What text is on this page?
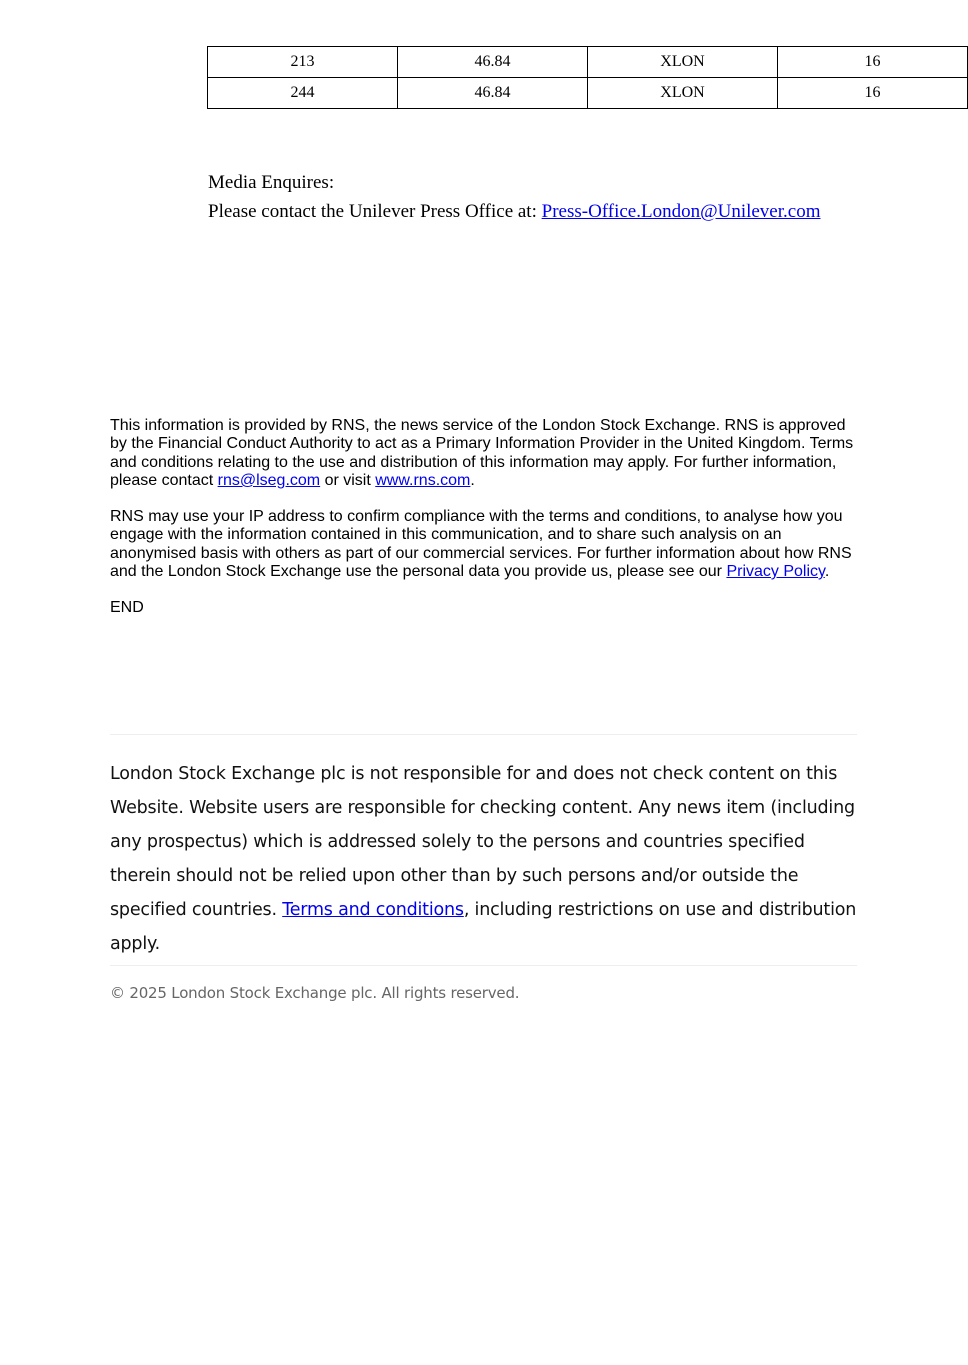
213	46.84	XLON	16
244	46.84	XLON	16

Media Enquires:

Please contact the Unilever Press Office at: Press-Office.London@Unilever.com

This information is provided by RNS, the news service of the London Stock Exchange. RNS is approved by the Financial Conduct Authority to act as a Primary Information Provider in the United Kingdom. Terms and conditions relating to the use and distribution of this information may apply. For further information, please contact rns@lseg.com or visit www.rns.com.

RNS may use your IP address to confirm compliance with the terms and conditions, to analyse how you engage with the information contained in this communication, and to share such analysis on an anonymised basis with others as part of our commercial services. For further information about how RNS and the London Stock Exchange use the personal data you provide us, please see our Privacy Policy.

END

London Stock Exchange plc is not responsible for and does not check content on this Website. Website users are responsible for checking content. Any news item (including any prospectus) which is addressed solely to the persons and countries specified therein should not be relied upon other than by such persons and/or outside the specified countries. Terms and conditions, including restrictions on use and distribution apply.

© 2025 London Stock Exchange plc. All rights reserved.
